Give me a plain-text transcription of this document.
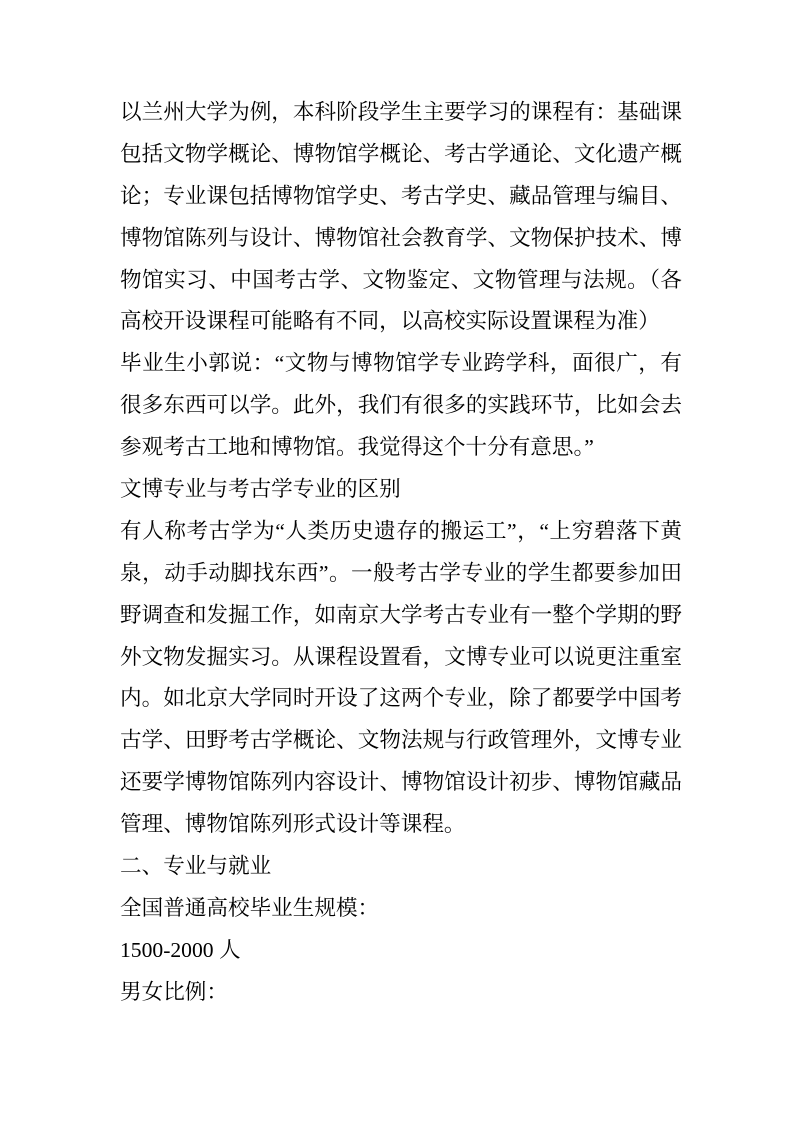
以兰州大学为例，本科阶段学生主要学习的课程有：基础课
包括文物学概论、博物馆学概论、考古学通论、文化遗产概
论；专业课包括博物馆学史、考古学史、藏品管理与编目、
博物馆陈列与设计、博物馆社会教育学、文物保护技术、博
物馆实习、中国考古学、文物鉴定、文物管理与法规。（各
高校开设课程可能略有不同，以高校实际设置课程为准）
毕业生小郭说：“文物与博物馆学专业跨学科，面很广，有
很多东西可以学。此外，我们有很多的实践环节，比如会去
参观考古工地和博物馆。我觉得这个十分有意思。”
文博专业与考古学专业的区别
有人称考古学为“人类历史遗存的搬运工”，“上穷碧落下黄
泉，动手动脚找东西”。一般考古学专业的学生都要参加田
野调查和发掘工作，如南京大学考古专业有一整个学期的野
外文物发掘实习。从课程设置看，文博专业可以说更注重室
内。如北京大学同时开设了这两个专业，除了都要学中国考
古学、田野考古学概论、文物法规与行政管理外，文博专业
还要学博物馆陈列内容设计、博物馆设计初步、博物馆藏品
管理、博物馆陈列形式设计等课程。
二、专业与就业
全国普通高校毕业生规模：
1500-2000 人
男女比例：
